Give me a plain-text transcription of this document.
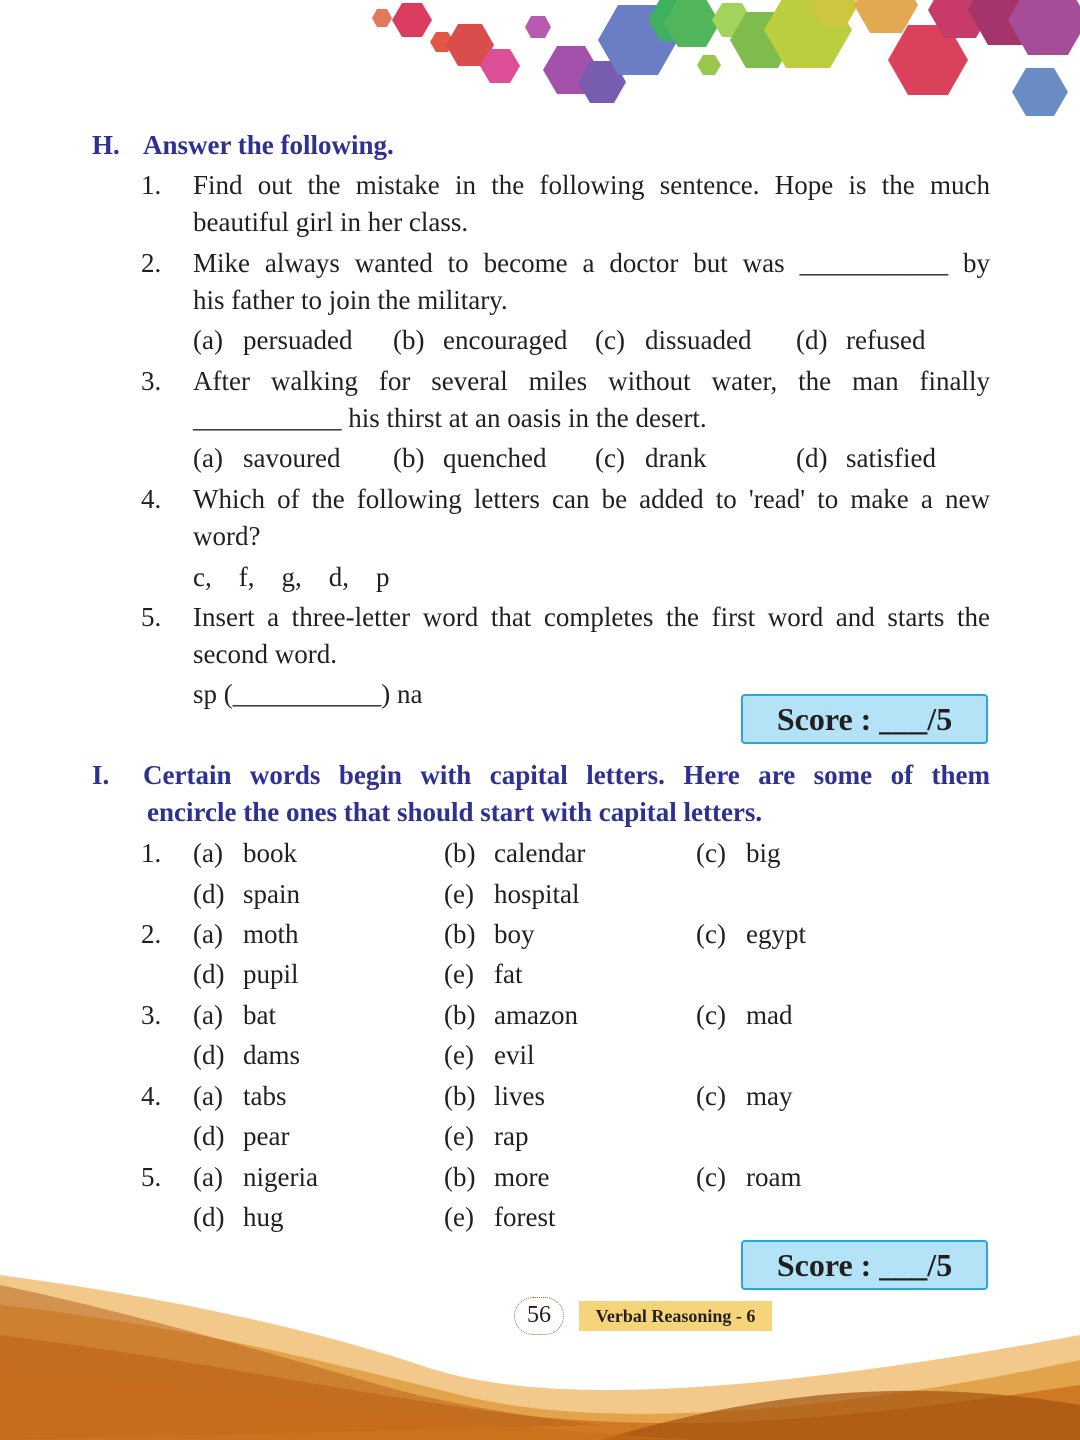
H. Answer the following.
1. Find out the mistake in the following sentence. Hope is the much
beautiful girl in her class.
2. Mike always wanted to become a doctor but was ___________ by
his father to join the military.
(a) persuaded (b) encouraged (c) dissuaded (d) refused
3. After walking for several miles without water, the man finally
___________ his thirst at an oasis in the desert.
(a) savoured (b) quenched (c) drank	(d) satisfied
4. Which of the following letters can be added to 'read' to make a new
word?
c,    f,    g,    d,    p
5. Insert a three-letter word that completes the first word and starts the
second word.
sp (___________) na
Score : ___/5
I. Certain words begin with capital letters. Here are some of them
encircle the ones that should start with capital letters.
1. (a) book	(b) calendar	(c) big
(d) spain	(e) hospital
2. (a) moth	(b) boy	(c) egypt
(d) pupil	(e) fat
3. (a) bat	(b) amazon	(c) mad
(d) dams	(e) evil
4. (a) tabs	(b) lives	(c) may
(d) pear	(e) rap
5. (a) nigeria	(b) more	(c) roam
(d) hug	(e) forest
Score : ___/5
56	Verbal Reasoning - 6
